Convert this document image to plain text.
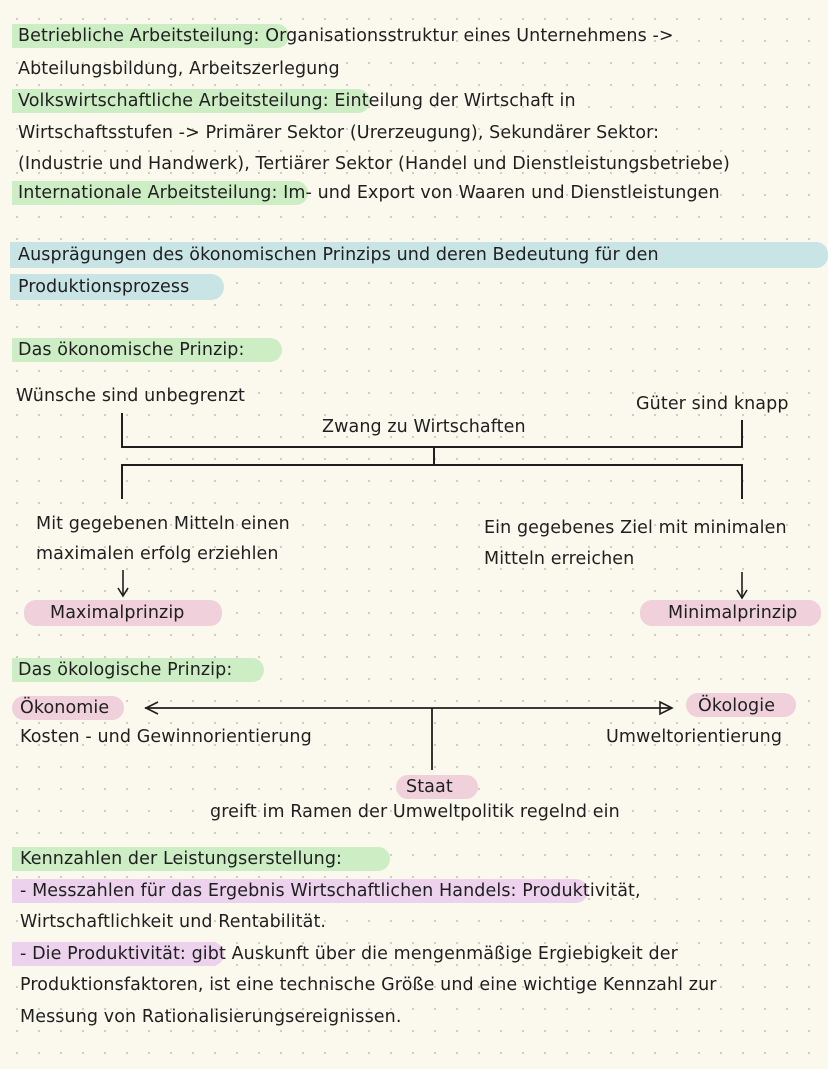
Betriebliche Arbeitsteilung: Organisationsstruktur eines Unternehmens ->
Abteilungsbildung, Arbeitszerlegung
Volkswirtschaftliche Arbeitsteilung: Einteilung der Wirtschaft in
Wirtschaftsstufen -> Primärer Sektor (Urerzeugung), Sekundärer Sektor:
(Industrie und Handwerk), Tertiärer Sektor (Handel und Dienstleistungsbetriebe)
Internationale Arbeitsteilung: Im- und Export von Waaren und Dienstleistungen
Ausprägungen des ökonomischen Prinzips und deren Bedeutung für den
Produktionsprozess
Das ökonomische Prinzip:
Wünsche sind unbegrenzt	Güter sind knapp
Zwang zu Wirtschaften
Mit gegebenen Mitteln einen
maximalen erfolg erziehlen
Ein gegebenes Ziel mit minimalen
Mitteln erreichen
Maximalprinzip	Minimalprinzip
Das ökologische Prinzip:
Ökonomie
Kosten - und Gewinnorientierung
Ökologie
Umweltorientierung
Staat
greift im Ramen der Umweltpolitik regelnd ein
Kennzahlen der Leistungserstellung:
- Messzahlen für das Ergebnis Wirtschaftlichen Handels: Produktivität,
Wirtschaftlichkeit und Rentabilität.
- Die Produktivität: gibt Auskunft über die mengenmäßige Ergiebigkeit der
Produktionsfaktoren, ist eine technische Größe und eine wichtige Kennzahl zur
Messung von Rationalisierungsereignissen.
